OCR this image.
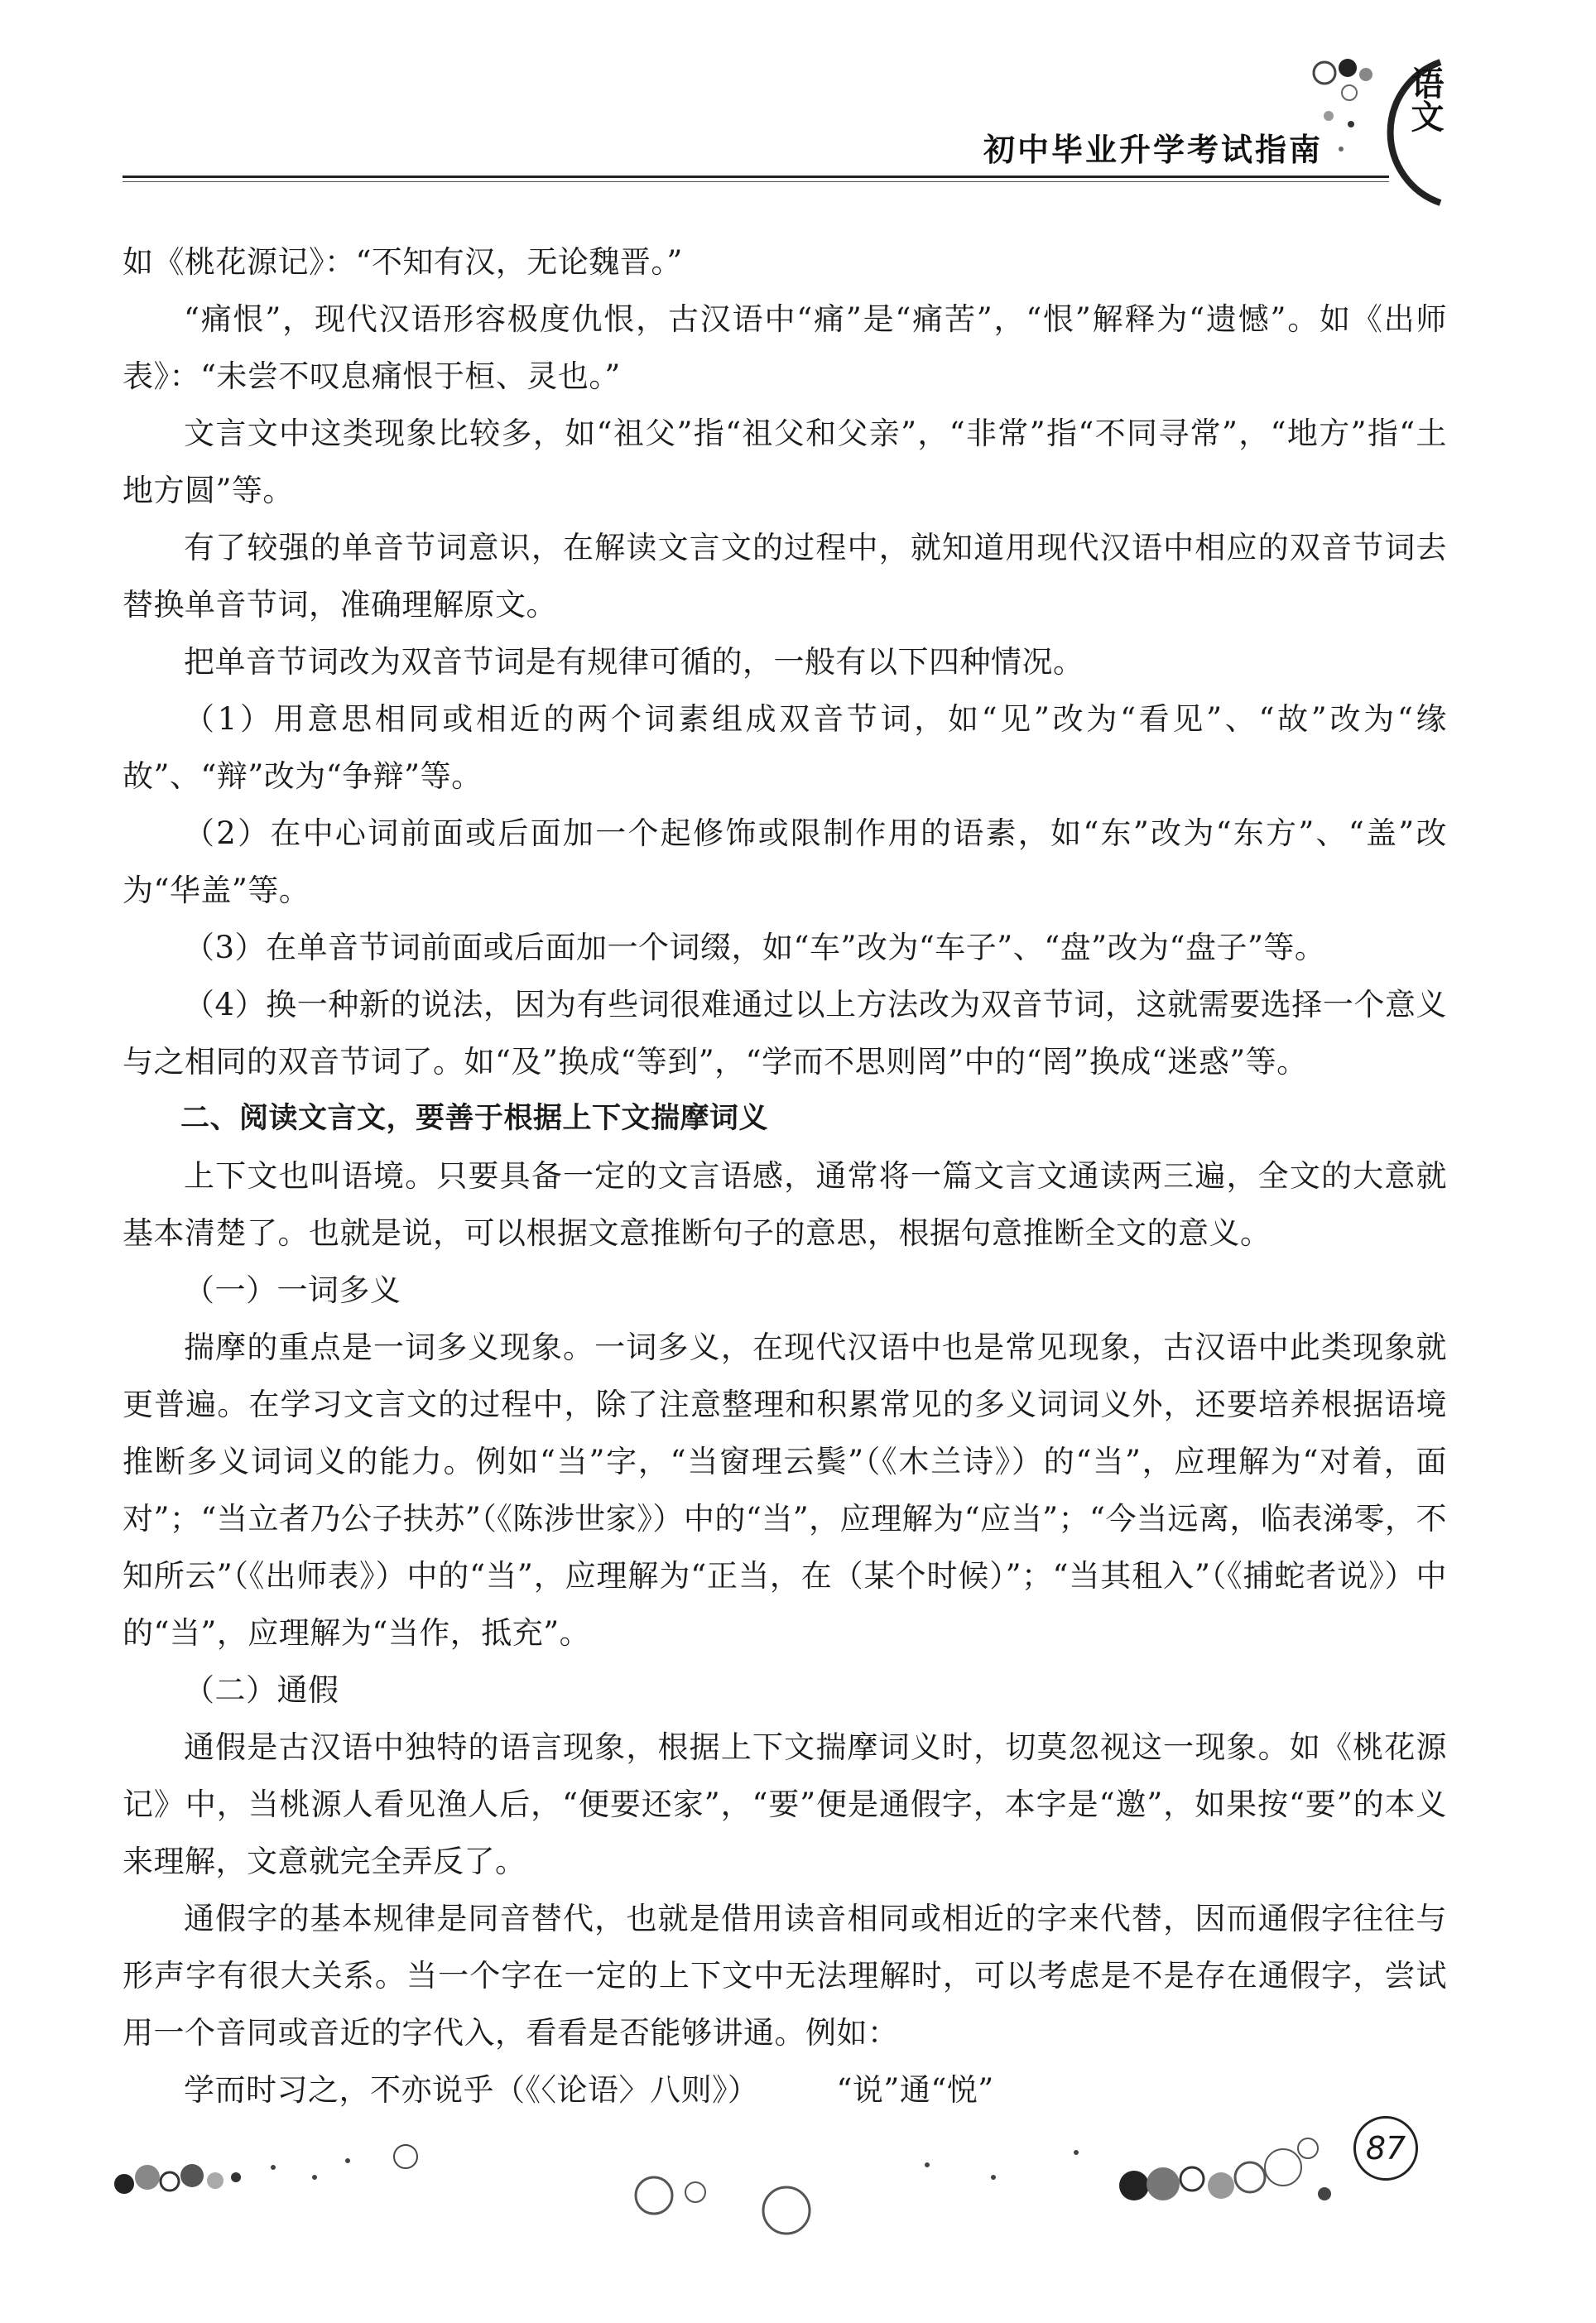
语文
初中毕业升学考试指南

如《桃花源记》：“不知有汉，无论魏晋。”

“痛恨”，现代汉语形容极度仇恨，古汉语中“痛”是“痛苦”，“恨”解释为“遗憾”。如《出师表》：“未尝不叹息痛恨于桓、灵也。”

文言文中这类现象比较多，如“祖父”指“祖父和父亲”，“非常”指“不同寻常”，“地方”指“土地方圆”等。

有了较强的单音节词意识，在解读文言文的过程中，就知道用现代汉语中相应的双音节词去替换单音节词，准确理解原文。

把单音节词改为双音节词是有规律可循的，一般有以下四种情况。

（1）用意思相同或相近的两个词素组成双音节词，如“见”改为“看见”、“故”改为“缘故”、“辩”改为“争辩”等。

（2）在中心词前面或后面加一个起修饰或限制作用的语素，如“东”改为“东方”、“盖”改为“华盖”等。

（3）在单音节词前面或后面加一个词缀，如“车”改为“车子”、“盘”改为“盘子”等。

（4）换一种新的说法，因为有些词很难通过以上方法改为双音节词，这就需要选择一个意义与之相同的双音节词了。如“及”换成“等到”，“学而不思则罔”中的“罔”换成“迷惑”等。

二、阅读文言文，要善于根据上下文揣摩词义

上下文也叫语境。只要具备一定的文言语感，通常将一篇文言文通读两三遍，全文的大意就基本清楚了。也就是说，可以根据文意推断句子的意思，根据句意推断全文的意义。

（一）一词多义

揣摩的重点是一词多义现象。一词多义，在现代汉语中也是常见现象，古汉语中此类现象就更普遍。在学习文言文的过程中，除了注意整理和积累常见的多义词词义外，还要培养根据语境推断多义词词义的能力。例如“当”字，“当窗理云鬓”（《木兰诗》）的“当”，应理解为“对着，面对”；“当立者乃公子扶苏”（《陈涉世家》）中的“当”，应理解为“应当”；“今当远离，临表涕零，不知所云”（《出师表》）中的“当”，应理解为“正当，在（某个时候）”；“当其租入”（《捕蛇者说》）中的“当”，应理解为“当作，抵充”。

（二）通假

通假是古汉语中独特的语言现象，根据上下文揣摩词义时，切莫忽视这一现象。如《桃花源记》中，当桃源人看见渔人后，“便要还家”，“要”便是通假字，本字是“邀”，如果按“要”的本义来理解，文意就完全弄反了。

通假字的基本规律是同音替代，也就是借用读音相同或相近的字来代替，因而通假字往往与形声字有很大关系。当一个字在一定的上下文中无法理解时，可以考虑是不是存在通假字，尝试用一个音同或音近的字代入，看看是否能够讲通。例如：

学而时习之，不亦说乎（《〈论语〉八则》）　　　“说”通“悦”

87
